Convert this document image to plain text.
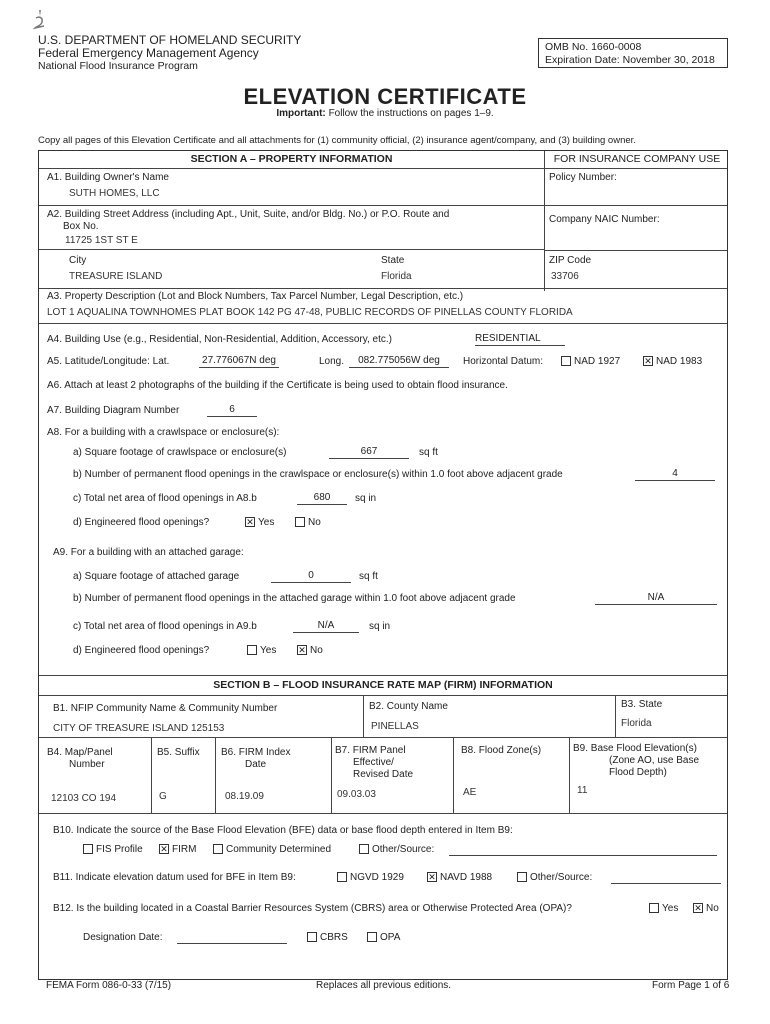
U.S. DEPARTMENT OF HOMELAND SECURITY
Federal Emergency Management Agency
National Flood Insurance Program
OMB No. 1660-0008
Expiration Date: November 30, 2018
ELEVATION CERTIFICATE
Important: Follow the instructions on pages 1–9.
Copy all pages of this Elevation Certificate and all attachments for (1) community official, (2) insurance agent/company, and (3) building owner.
SECTION A – PROPERTY INFORMATION	FOR INSURANCE COMPANY USE
A1. Building Owner's Name
SUTH HOMES, LLC
Policy Number:
A2. Building Street Address (including Apt., Unit, Suite, and/or Bldg. No.) or P.O. Route and
Box No.
11725 1ST ST E
Company NAIC Number:
City
TREASURE ISLAND
State
Florida
ZIP Code
33706
A3. Property Description (Lot and Block Numbers, Tax Parcel Number, Legal Description, etc.)
LOT 1 AQUALINA TOWNHOMES PLAT BOOK 142 PG 47-48, PUBLIC RECORDS OF PINELLAS COUNTY FLORIDA
A4. Building Use (e.g., Residential, Non-Residential, Addition, Accessory, etc.)	RESIDENTIAL
A5. Latitude/Longitude: Lat.	27.776067N deg	Long.	082.775056W deg	Horizontal Datum:	NAD 1927 ✕	NAD 1983
A6. Attach at least 2 photographs of the building if the Certificate is being used to obtain flood insurance.
A7. Building Diagram Number	6
A8. For a building with a crawlspace or enclosure(s):
a) Square footage of crawlspace or enclosure(s)	667	sq ft
b) Number of permanent flood openings in the crawlspace or enclosure(s) within 1.0 foot above adjacent grade	4
c) Total net area of flood openings in A8.b	680	sq in
d) Engineered flood openings? ✕	Yes	No
A9. For a building with an attached garage:
a) Square footage of attached garage	0	sq ft
b) Number of permanent flood openings in the attached garage within 1.0 foot above adjacent grade	N/A
c) Total net area of flood openings in A9.b	N/A	sq in
d) Engineered flood openings?	Yes ✕	No
SECTION B – FLOOD INSURANCE RATE MAP (FIRM) INFORMATION
B1. NFIP Community Name & Community Number
CITY OF TREASURE ISLAND 125153
B2. County Name
PINELLAS
B3. State
Florida
B4. Map/Panel
Number
12103 CO 194
B5. Suffix
G
B6. FIRM Index
Date
08.19.09
B7. FIRM Panel
Effective/
Revised Date
09.03.03
B8. Flood Zone(s)
AE
B9. Base Flood Elevation(s)
(Zone AO, use Base
Flood Depth)
11
B10. Indicate the source of the Base Flood Elevation (BFE) data or base flood depth entered in Item B9:
FIS Profile ✕	FIRM	Community Determined	Other/Source:
B11. Indicate elevation datum used for BFE in Item B9:	NGVD 1929 ✕	NAVD 1988	Other/Source:
B12. Is the building located in a Coastal Barrier Resources System (CBRS) area or Otherwise Protected Area (OPA)?	Yes ✕	No
Designation Date:	CBRS	OPA
FEMA Form 086-0-33 (7/15)	Replaces all previous editions.	Form Page 1 of 6
